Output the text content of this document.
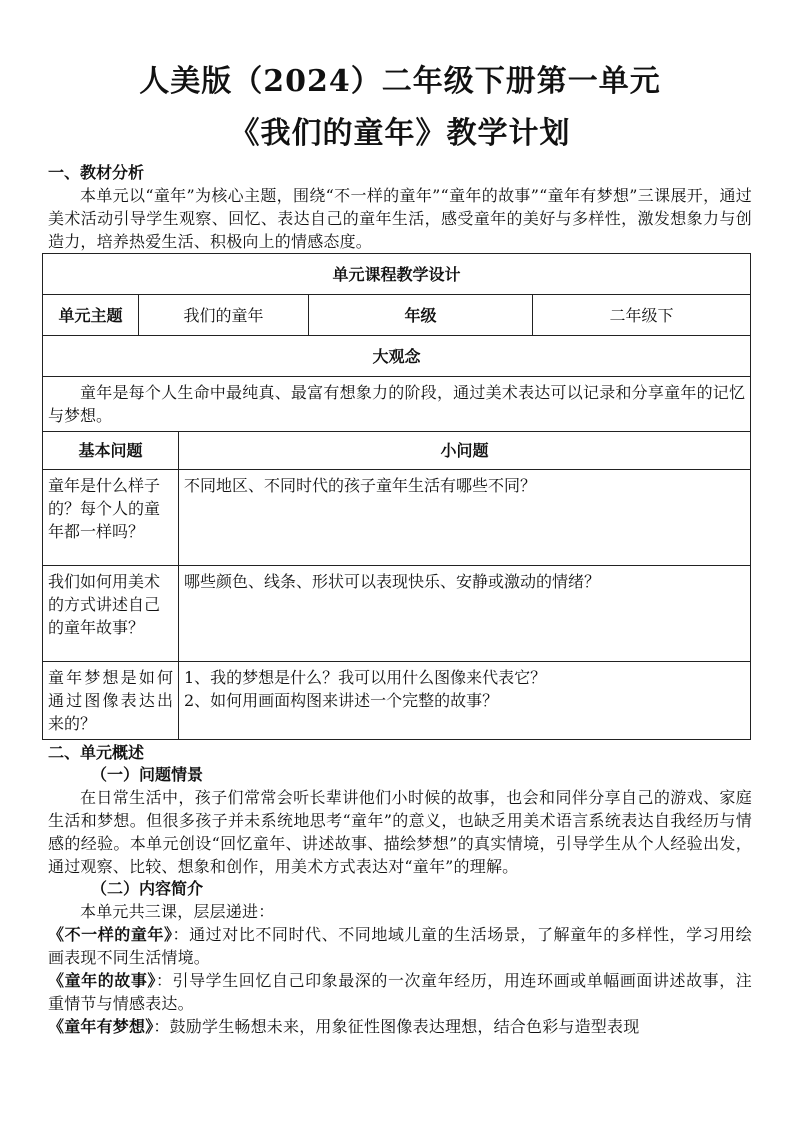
人美版（2024）二年级下册第一单元
《我们的童年》教学计划
一、教材分析
本单元以“童年”为核心主题，围绕“不一样的童年”“童年的故事”“童年有梦想”三课展开，通过美术活动引导学生观察、回忆、表达自己的童年生活，感受童年的美好与多样性，激发想象力与创造力，培养热爱生活、积极向上的情感态度。
单元课程教学设计				
单元主题	我们的童年		年级	二年级下
大观念				
童年是每个人生命中最纯真、最富有想象力的阶段，通过美术表达可以记录和分享童年的记忆与梦想。				
基本问题		小问题		
童年是什么样子的？每个人的童年都一样吗？		不同地区、不同时代的孩子童年生活有哪些不同？		

我们如何用美术的方式讲述自己的童年故事？		哪些颜色、线条、形状可以表现快乐、安静或激动的情绪？		

童年梦想是如何通过图像表达出来的？		1、我的梦想是什么？我可以用什么图像来代表它？
2、如何用画面构图来讲述一个完整的故事？		
二、单元概述
（一）问题情景
在日常生活中，孩子们常常会听长辈讲他们小时候的故事，也会和同伴分享自己的游戏、家庭生活和梦想。但很多孩子并未系统地思考“童年”的意义，也缺乏用美术语言系统表达自我经历与情感的经验。本单元创设“回忆童年、讲述故事、描绘梦想”的真实情境，引导学生从个人经验出发，通过观察、比较、想象和创作，用美术方式表达对“童年”的理解。
（二）内容简介
本单元共三课，层层递进：
《不一样的童年》：通过对比不同时代、不同地域儿童的生活场景，了解童年的多样性，学习用绘画表现不同生活情境。
《童年的故事》：引导学生回忆自己印象最深的一次童年经历，用连环画或单幅画面讲述故事，注重情节与情感表达。
《童年有梦想》：鼓励学生畅想未来，用象征性图像表达理想，结合色彩与造型表现
